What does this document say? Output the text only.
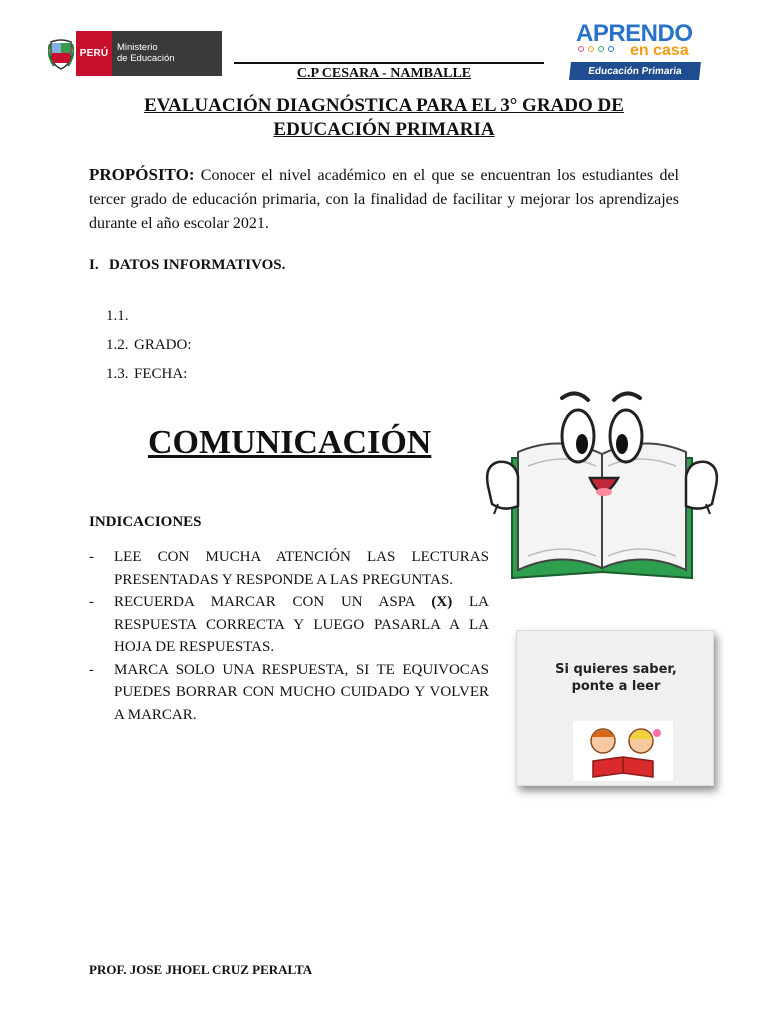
PERÚ
Ministerio
de Educación
APRENDO
en casa
Educación Primaria
C.P CESARA - NAMBALLE
EVALUACIÓN DIAGNÓSTICA PARA EL 3° GRADO DE EDUCACIÓN PRIMARIA

PROPÓSITO: Conocer el nivel académico en el que se encuentran los estudiantes del tercer grado de educación primaria, con la finalidad de facilitar y mejorar los aprendizajes durante el año escolar 2021.

I. DATOS INFORMATIVOS.
1.1.
1.2. GRADO:
1.3. FECHA:
COMUNICACIÓN
INDICACIONES
-	LEE CON MUCHA ATENCIÓN LAS LECTURAS PRESENTADAS Y RESPONDE A LAS PREGUNTAS.
-	RECUERDA MARCAR CON UN ASPA (X) LA RESPUESTA CORRECTA Y LUEGO PASARLA A LA HOJA DE RESPUESTAS.
-	MARCA SOLO UNA RESPUESTA, SI TE EQUIVOCAS PUEDES BORRAR CON MUCHO CUIDADO Y VOLVER A MARCAR.
Si quieres saber,
ponte a leer
PROF. JOSE JHOEL CRUZ PERALTA
